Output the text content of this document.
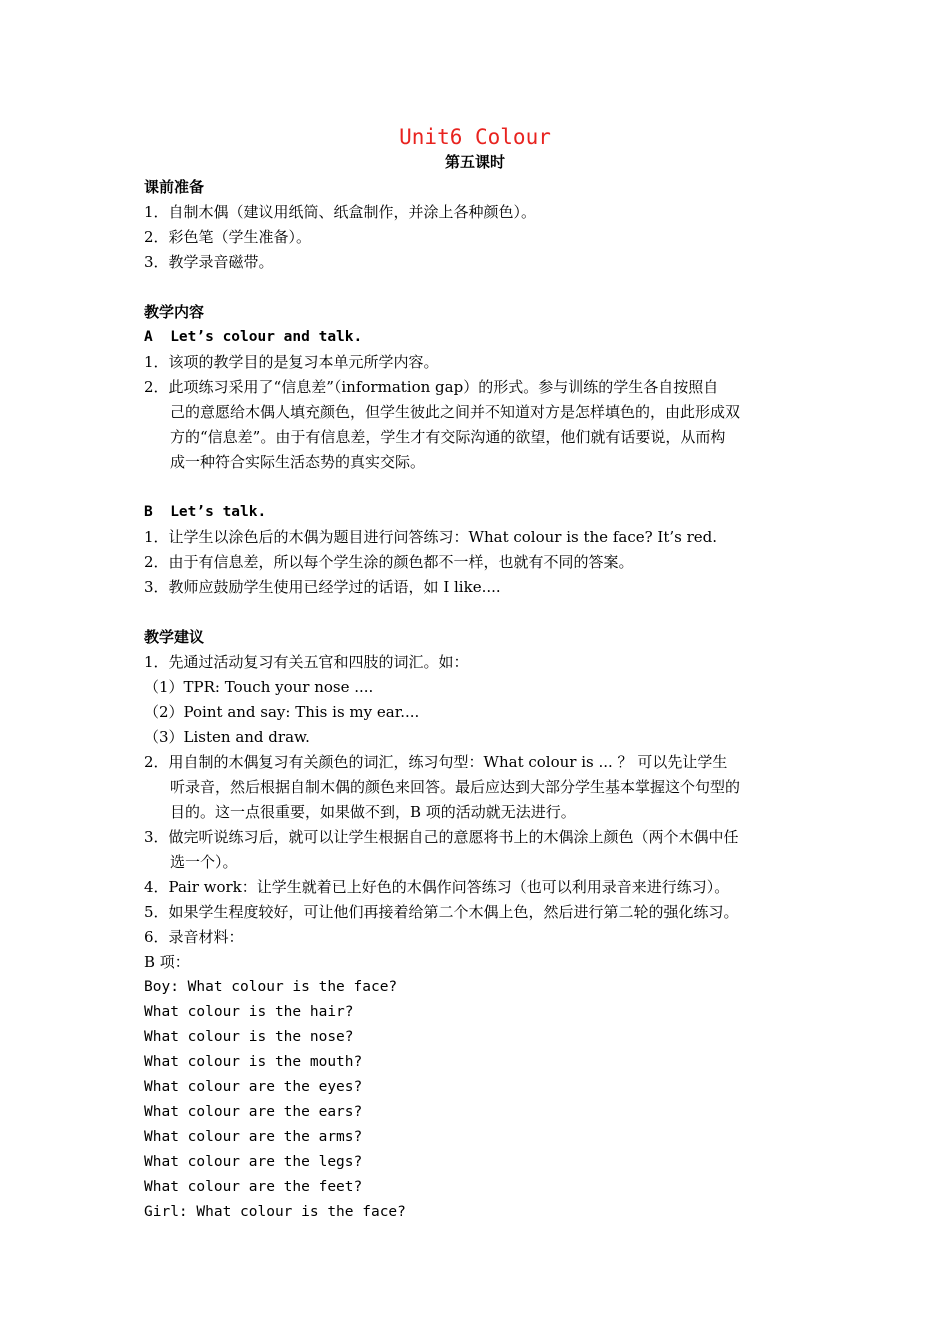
Unit6 Colour
第五课时
课前准备
1．自制木偶（建议用纸筒、纸盒制作，并涂上各种颜色）。
2．彩色笔（学生准备）。
3．教学录音磁带。
教学内容
A  Let’s colour and talk.
1．该项的教学目的是复习本单元所学内容。
2．此项练习采用了“信息差”（information gap）的形式。参与训练的学生各自按照自
己的意愿给木偶人填充颜色，但学生彼此之间并不知道对方是怎样填色的，由此形成双
方的“信息差”。由于有信息差，学生才有交际沟通的欲望，他们就有话要说，从而构
成一种符合实际生活态势的真实交际。
B  Let’s talk.
1．让学生以涂色后的木偶为题目进行问答练习：What colour is the face? It’s red.
2．由于有信息差，所以每个学生涂的颜色都不一样，也就有不同的答案。
3．教师应鼓励学生使用已经学过的话语，如 I like....
教学建议
1．先通过活动复习有关五官和四肢的词汇。如：
（1）TPR: Touch your nose ....
（2）Point and say: This is my ear....
（3）Listen and draw.
2．用自制的木偶复习有关颜色的词汇，练习句型：What colour is ... ？ 可以先让学生
听录音，然后根据自制木偶的颜色来回答。最后应达到大部分学生基本掌握这个句型的
目的。这一点很重要，如果做不到，B 项的活动就无法进行。
3．做完听说练习后，就可以让学生根据自己的意愿将书上的木偶涂上颜色（两个木偶中任
选一个）。
4．Pair work：让学生就着已上好色的木偶作问答练习（也可以利用录音来进行练习）。
5．如果学生程度较好，可让他们再接着给第二个木偶上色，然后进行第二轮的强化练习。
6．录音材料：
B 项：
Boy: What colour is the face?
What colour is the hair?
What colour is the nose?
What colour is the mouth?
What colour are the eyes?
What colour are the ears?
What colour are the arms?
What colour are the legs?
What colour are the feet?
Girl: What colour is the face?
